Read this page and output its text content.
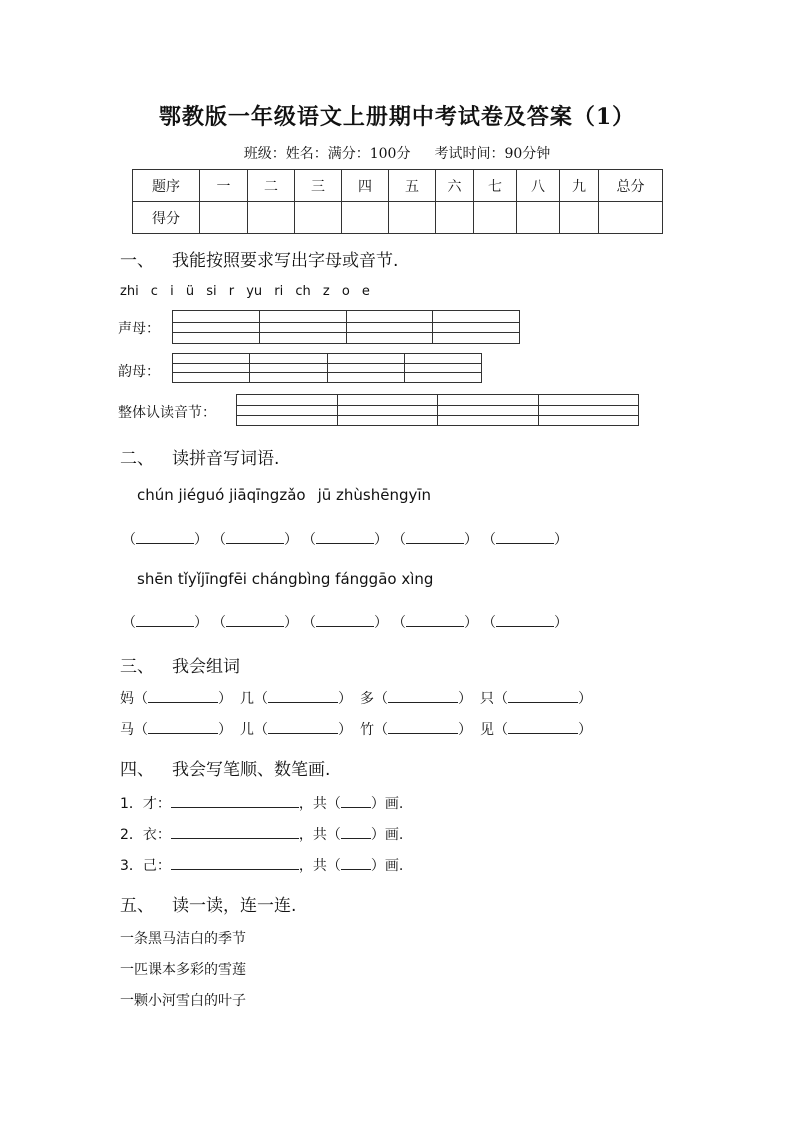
鄂教版一年级语文上册期中考试卷及答案（1）
班级：姓名：满分：100分 考试时间：90分钟
题序	一	二	三	四	五	六	七	八	九	总分
得分										
一、 我能按照要求写出字母或音节.
zhi c i ü si r yu ri ch z o e
声母：
韵母：
整体认读音节：
二、 读拼音写词语.
chún jiéguó jiāqīngzǎo jū zhùshēngyīn
（	） （	） （	） （	） （	）
shēn tǐyǐjīngfēi chángbìng fánggāo xìng
（	） （	） （	） （	） （	）
三、 我会组词
妈（	） 几（	） 多（	） 只（	）
马（	） 儿（	） 竹（	） 见（	）
四、 我会写笔顺、数笔画.
1．才：	，共（ ）画.
2．衣：	，共（ ）画.
3．己：	，共（ ）画.
五、 读一读，连一连.
一条黑马洁白的季节
一匹课本多彩的雪莲
一颗小河雪白的叶子
